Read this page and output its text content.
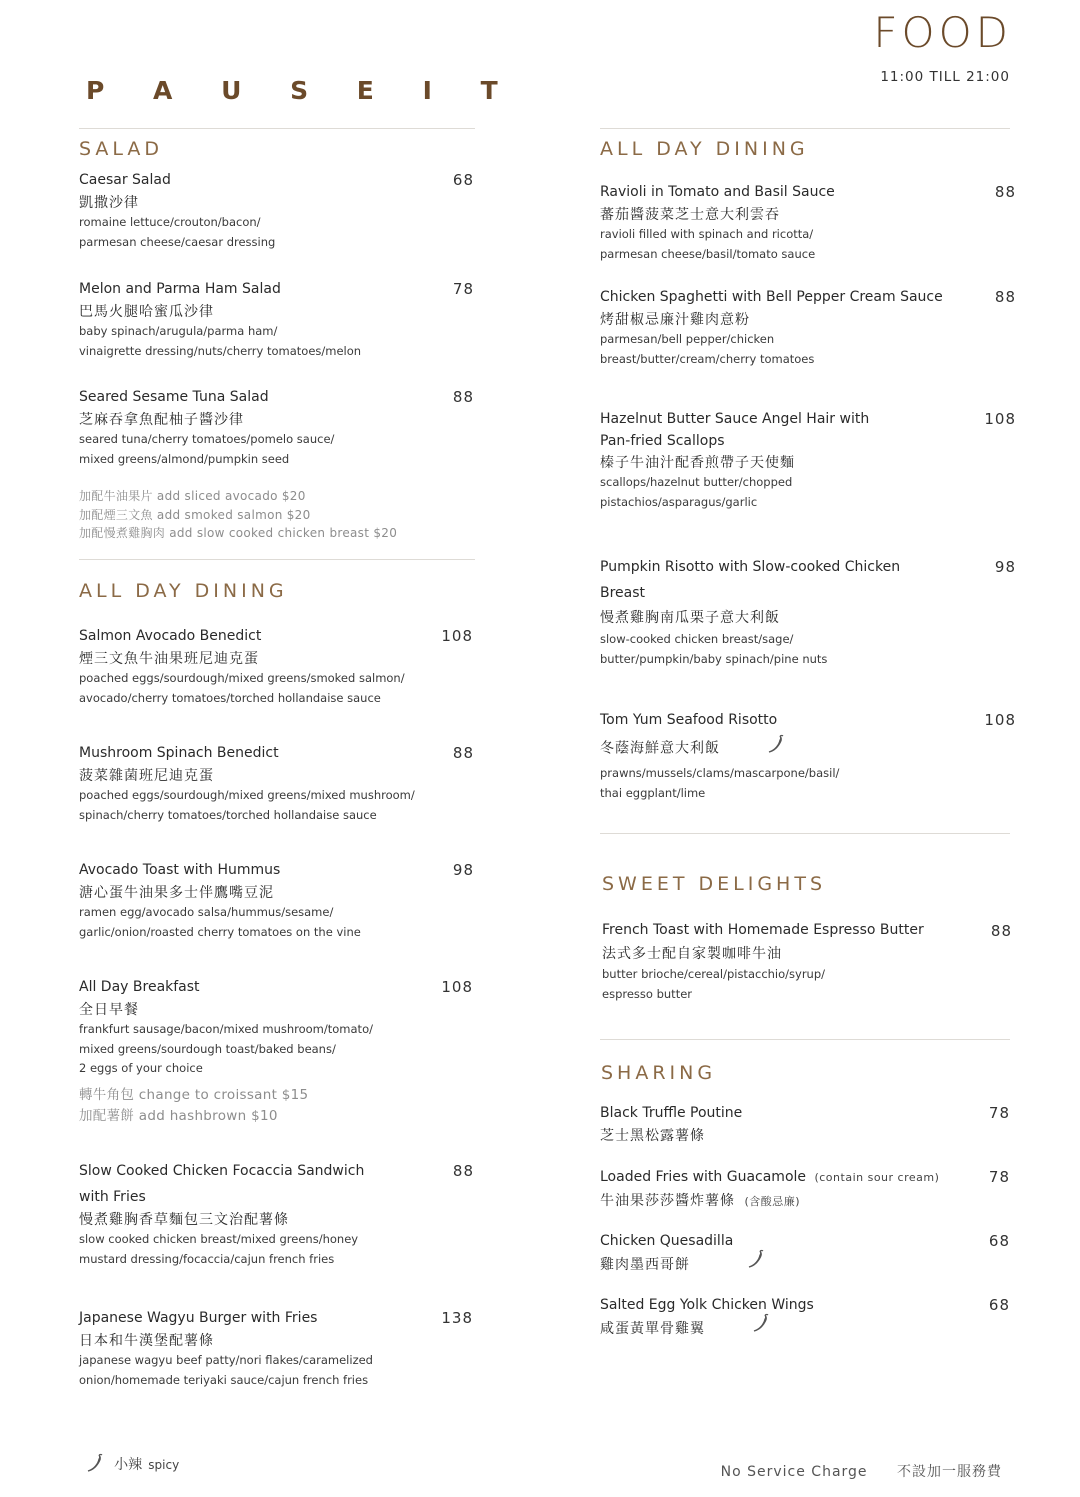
P A U S E I T
FOOD
11:00 TILL 21:00
SALAD
Caesar Salad
凱撒沙律
romaine lettuce/crouton/bacon/
parmesan cheese/caesar dressing
68
Melon and Parma Ham Salad
巴馬火腿哈蜜瓜沙律
baby spinach/arugula/parma ham/
vinaigrette dressing/nuts/cherry tomatoes/melon
78
Seared Sesame Tuna Salad
芝麻吞拿魚配柚子醬沙律
seared tuna/cherry tomatoes/pomelo sauce/
mixed greens/almond/pumpkin seed
88
加配牛油果片 add sliced avocado $20
加配煙三文魚 add smoked salmon $20
加配慢煮雞胸肉 add slow cooked chicken breast $20
ALL DAY DINING
Salmon Avocado Benedict
煙三文魚牛油果班尼迪克蛋
poached eggs/sourdough/mixed greens/smoked salmon/
avocado/cherry tomatoes/torched hollandaise sauce
108
Mushroom Spinach Benedict
菠菜雜菌班尼迪克蛋
poached eggs/sourdough/mixed greens/mixed mushroom/
spinach/cherry tomatoes/torched hollandaise sauce
88
Avocado Toast with Hummus
溏心蛋牛油果多士伴鷹嘴豆泥
ramen egg/avocado salsa/hummus/sesame/
garlic/onion/roasted cherry tomatoes on the vine
98
All Day Breakfast
全日早餐
frankfurt sausage/bacon/mixed mushroom/tomato/
mixed greens/sourdough toast/baked beans/
2 eggs of your choice
轉牛角包 change to croissant $15
加配薯餅 add hashbrown $10
108
Slow Cooked Chicken Focaccia Sandwich
with Fries
慢煮雞胸香草麵包三文治配薯條
slow cooked chicken breast/mixed greens/honey
mustard dressing/focaccia/cajun french fries
88
Japanese Wagyu Burger with Fries
日本和牛漢堡配薯條
japanese wagyu beef patty/nori flakes/caramelized
onion/homemade teriyaki sauce/cajun french fries
138
ALL DAY DINING
Ravioli in Tomato and Basil Sauce
蕃茄醬菠菜芝士意大利雲吞
ravioli filled with spinach and ricotta/
parmesan cheese/basil/tomato sauce
88
Chicken Spaghetti with Bell Pepper Cream Sauce
烤甜椒忌廉汁雞肉意粉
parmesan/bell pepper/chicken
breast/butter/cream/cherry tomatoes
88
Hazelnut Butter Sauce Angel Hair with
Pan-fried Scallops
榛子牛油汁配香煎帶子天使麵
scallops/hazelnut butter/chopped
pistachios/asparagus/garlic
108
Pumpkin Risotto with Slow-cooked Chicken
Breast
慢煮雞胸南瓜栗子意大利飯
slow-cooked chicken breast/sage/
butter/pumpkin/baby spinach/pine nuts
98
Tom Yum Seafood Risotto
冬蔭海鮮意大利飯
prawns/mussels/clams/mascarpone/basil/
thai eggplant/lime
108
SWEET DELIGHTS
French Toast with Homemade Espresso Butter
法式多士配自家製咖啡牛油
butter brioche/cereal/pistacchio/syrup/
espresso butter
88
SHARING
Black Truffle Poutine
芝士黑松露薯條
78
Loaded Fries with Guacamole (contain sour cream)
牛油果莎莎醬炸薯條 (含酸忌廉)
78
Chicken Quesadilla
雞肉墨西哥餅
68
Salted Egg Yolk Chicken Wings
咸蛋黃單骨雞翼
68
小辣 spicy	No Service Charge 不設加一服務費
